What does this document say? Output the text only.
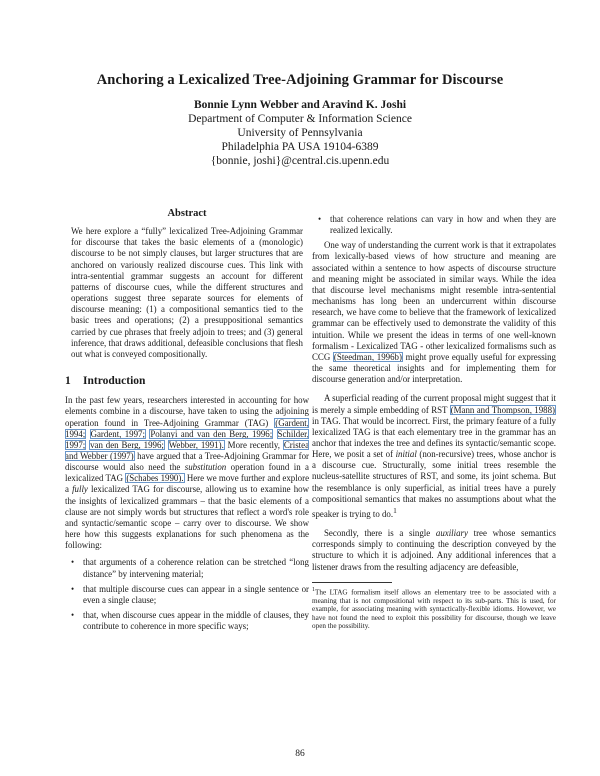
Anchoring a Lexicalized Tree-Adjoining Grammar for Discourse
Bonnie Lynn Webber and Aravind K. Joshi
Department of Computer & Information Science
University of Pennsylvania
Philadelphia PA USA 19104-6389
{bonnie, joshi}@central.cis.upenn.edu
Abstract

We here explore a “fully” lexicalized Tree-Adjoining Grammar for discourse that takes the basic elements of a (monologic) discourse to be not simply clauses, but larger structures that are anchored on variously realized discourse cues. This link with intra-sentential grammar suggests an account for different patterns of discourse cues, while the different structures and operations suggest three separate sources for elements of discourse meaning: (1) a compositional semantics tied to the basic trees and operations; (2) a presuppositional semantics carried by cue phrases that freely adjoin to trees; and (3) general inference, that draws additional, defeasible conclusions that flesh out what is conveyed compositionally.

1 Introduction

In the past few years, researchers interested in accounting for how elements combine in a discourse, have taken to using the adjoining operation found in Tree-Adjoining Grammar (TAG) (Gardent, 1994; Gardent, 1997; Polanyi and van den Berg, 1996; Schilder, 1997; van den Berg, 1996; Webber, 1991). More recently, Cristea and Webber (1997) have argued that a Tree-Adjoining Grammar for discourse would also need the substitution operation found in a lexicalized TAG (Schabes 1990). Here we move further and explore a fully lexicalized TAG for discourse, allowing us to examine how the insights of lexicalized grammars – that the basic elements of a clause are not simply words but structures that reflect a word's role and syntactic/semantic scope – carry over to discourse. We show here how this suggests explanations for such phenomena as the following:

• that arguments of a coherence relation can be stretched “long distance” by intervening material;
• that multiple discourse cues can appear in a single sentence or even a single clause;
• that, when discourse cues appear in the middle of clauses, they contribute to coherence in more specific ways;
• that coherence relations can vary in how and when they are realized lexically.

One way of understanding the current work is that it extrapolates from lexically-based views of how structure and meaning are associated within a sentence to how aspects of discourse structure and meaning might be associated in similar ways. While the idea that discourse level mechanisms might resemble intra-sentential mechanisms has long been an undercurrent within discourse research, we have come to believe that the framework of lexicalized grammar can be effectively used to demonstrate the validity of this intuition. While we present the ideas in terms of one well-known formalism - Lexicalized TAG - other lexicalized formalisms such as CCG (Steedman, 1996b) might prove equally useful for expressing the same theoretical insights and for implementing them for discourse generation and/or interpretation.

A superficial reading of the current proposal might suggest that it is merely a simple embedding of RST (Mann and Thompson, 1988) in TAG. That would be incorrect. First, the primary feature of a fully lexicalized TAG is that each elementary tree in the grammar has an anchor that indexes the tree and defines its syntactic/semantic scope. Here, we posit a set of initial (non-recursive) trees, whose anchor is a discourse cue. Structurally, some initial trees resemble the nucleus-satellite structures of RST, and some, its joint schema. But the resemblance is only superficial, as initial trees have a purely compositional semantics that makes no assumptions about what the speaker is trying to do.$^1$

Secondly, there is a single auxiliary tree whose semantics corresponds simply to continuing the description conveyed by the structure to which it is adjoined. Any additional inferences that a listener draws from the resulting adjacency are defeasible,

$^1$The LTAG formalism itself allows an elementary tree to be associated with a meaning that is not compositional with respect to its sub-parts. This is used, for example, for associating meaning with syntactically-flexible idioms. However, we have not found the need to exploit this possibility for discourse, though we leave open the possibility.

86
